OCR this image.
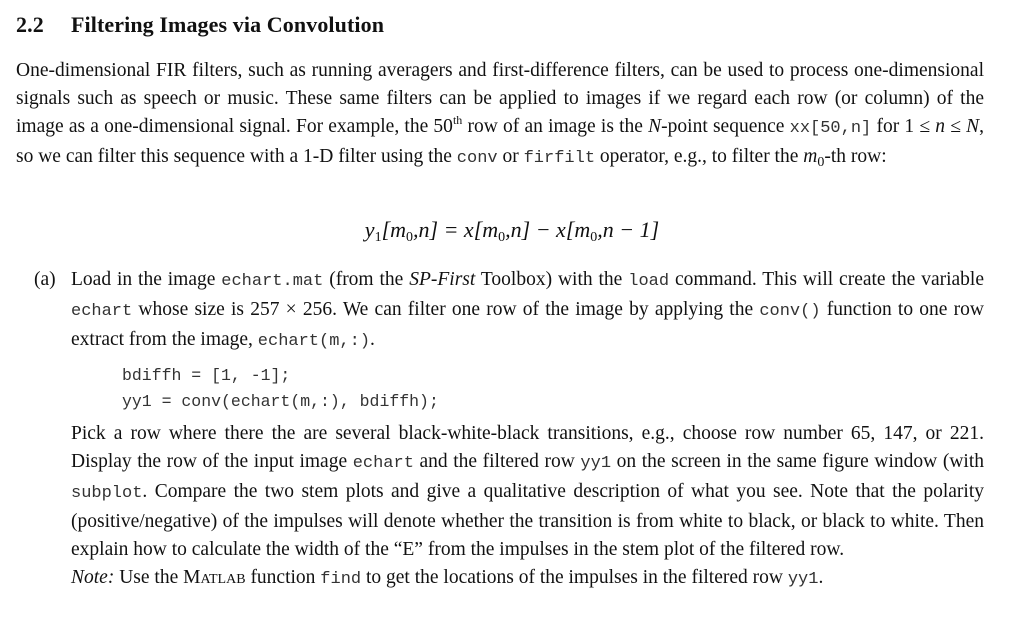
2.2 Filtering Images via Convolution
One-dimensional FIR filters, such as running averagers and first-difference filters, can be used to process one-dimensional signals such as speech or music. These same filters can be applied to images if we regard each row (or column) of the image as a one-dimensional signal. For example, the 50th row of an image is the N-point sequence xx[50,n] for 1 ≤ n ≤ N, so we can filter this sequence with a 1-D filter using the conv or firfilt operator, e.g., to filter the $m_0-th$ row:
$y_1[m_0,n] = x[m_0,n] - x[m_0,n - 1]$
(a) Load in the image echart.mat (from the SP-First Toolbox) with the load command. This will create the variable echart whose size is 257 × 256. We can filter one row of the image by applying the conv() function to one row extract from the image, echart(m,:).
bdiffh = [1, -1];
yy1 = conv(echart(m,:), bdiffh);
Pick a row where there the are several black-white-black transitions, e.g., choose row number 65, 147, or 221. Display the row of the input image echart and the filtered row yy1 on the screen in the same figure window (with subplot. Compare the two stem plots and give a qualitative description of what you see. Note that the polarity (positive/negative) of the impulses will denote whether the transition is from white to black, or black to white. Then explain how to calculate the width of the “E” from the impulses in the stem plot of the filtered row.
Note: Use the Matlab function find to get the locations of the impulses in the filtered row yy1.
